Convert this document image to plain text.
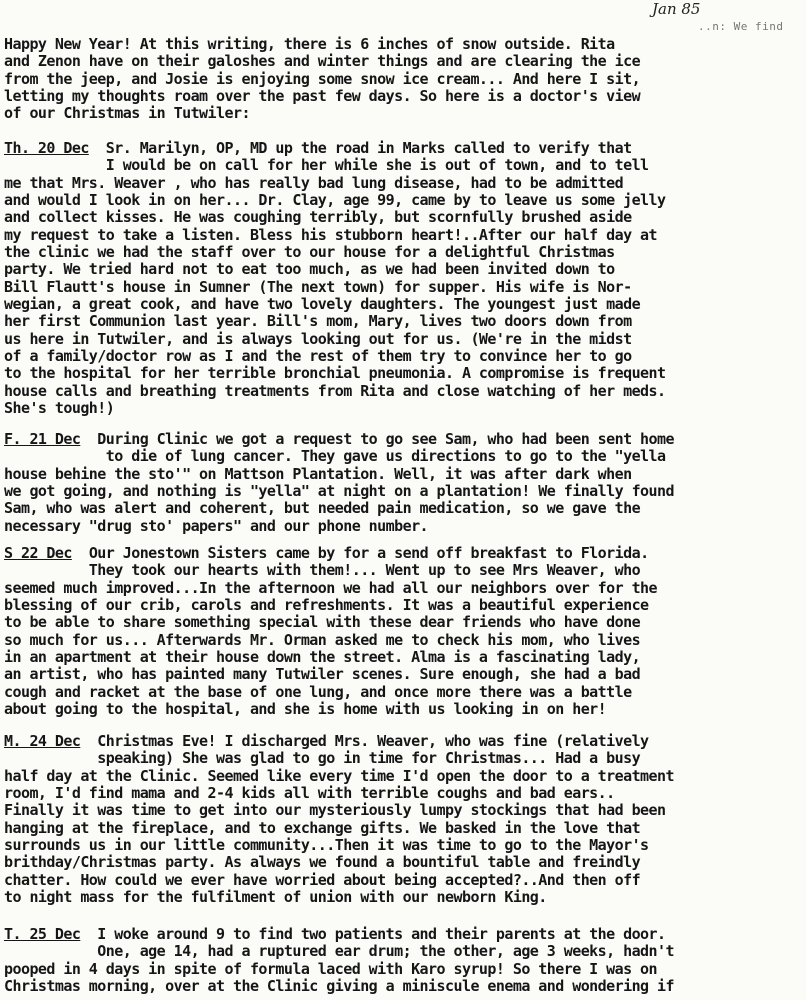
Jan 85
..n: We find
Happy New Year! At this writing, there is 6 inches of snow outside. Rita
and Zenon have on their galoshes and winter things and are clearing the ice
from the jeep, and Josie is enjoying some snow ice cream... And here I sit,
letting my thoughts roam over the past few days. So here is a doctor's view
of our Christmas in Tutwiler:
Th. 20 Dec  Sr. Marilyn, OP, MD up the road in Marks called to verify that
I would be on call for her while she is out of town, and to tell
me that Mrs. Weaver , who has really bad lung disease, had to be admitted
and would I look in on her... Dr. Clay, age 99, came by to leave us some jelly
and collect kisses. He was coughing terribly, but scornfully brushed aside
my request to take a listen. Bless his stubborn heart!..After our half day at
the clinic we had the staff over to our house for a delightful Christmas
party. We tried hard not to eat too much, as we had been invited down to
Bill Flautt's house in Sumner (The next town) for supper. His wife is Nor-
wegian, a great cook, and have two lovely daughters. The youngest just made
her first Communion last year. Bill's mom, Mary, lives two doors down from
us here in Tutwiler, and is always looking out for us. (We're in the midst
of a family/doctor row as I and the rest of them try to convince her to go
to the hospital for her terrible bronchial pneumonia. A compromise is frequent
house calls and breathing treatments from Rita and close watching of her meds.
She's tough!)
F. 21 Dec  During Clinic we got a request to go see Sam, who had been sent home
to die of lung cancer. They gave us directions to go to the "yella
house behine the sto'" on Mattson Plantation. Well, it was after dark when
we got going, and nothing is "yella" at night on a plantation! We finally found
Sam, who was alert and coherent, but needed pain medication, so we gave the
necessary "drug sto' papers" and our phone number.
S 22 Dec  Our Jonestown Sisters came by for a send off breakfast to Florida.
They took our hearts with them!... Went up to see Mrs Weaver, who
seemed much improved...In the afternoon we had all our neighbors over for the
blessing of our crib, carols and refreshments. It was a beautiful experience
to be able to share something special with these dear friends who have done
so much for us... Afterwards Mr. Orman asked me to check his mom, who lives
in an apartment at their house down the street. Alma is a fascinating lady,
an artist, who has painted many Tutwiler scenes. Sure enough, she had a bad
cough and racket at the base of one lung, and once more there was a battle
about going to the hospital, and she is home with us looking in on her!
M. 24 Dec  Christmas Eve! I discharged Mrs. Weaver, who was fine (relatively
speaking) She was glad to go in time for Christmas... Had a busy
half day at the Clinic. Seemed like every time I'd open the door to a treatment
room, I'd find mama and 2-4 kids all with terrible coughs and bad ears..
Finally it was time to get into our mysteriously lumpy stockings that had been
hanging at the fireplace, and to exchange gifts. We basked in the love that
surrounds us in our little community...Then it was time to go to the Mayor's
brithday/Christmas party. As always we found a bountiful table and freindly
chatter. How could we ever have worried about being accepted?..And then off
to night mass for the fulfilment of union with our newborn King.
T. 25 Dec  I woke around 9 to find two patients and their parents at the door.
One, age 14, had a ruptured ear drum; the other, age 3 weeks, hadn't
pooped in 4 days in spite of formula laced with Karo syrup! So there I was on
Christmas morning, over at the Clinic giving a miniscule enema and wondering if
